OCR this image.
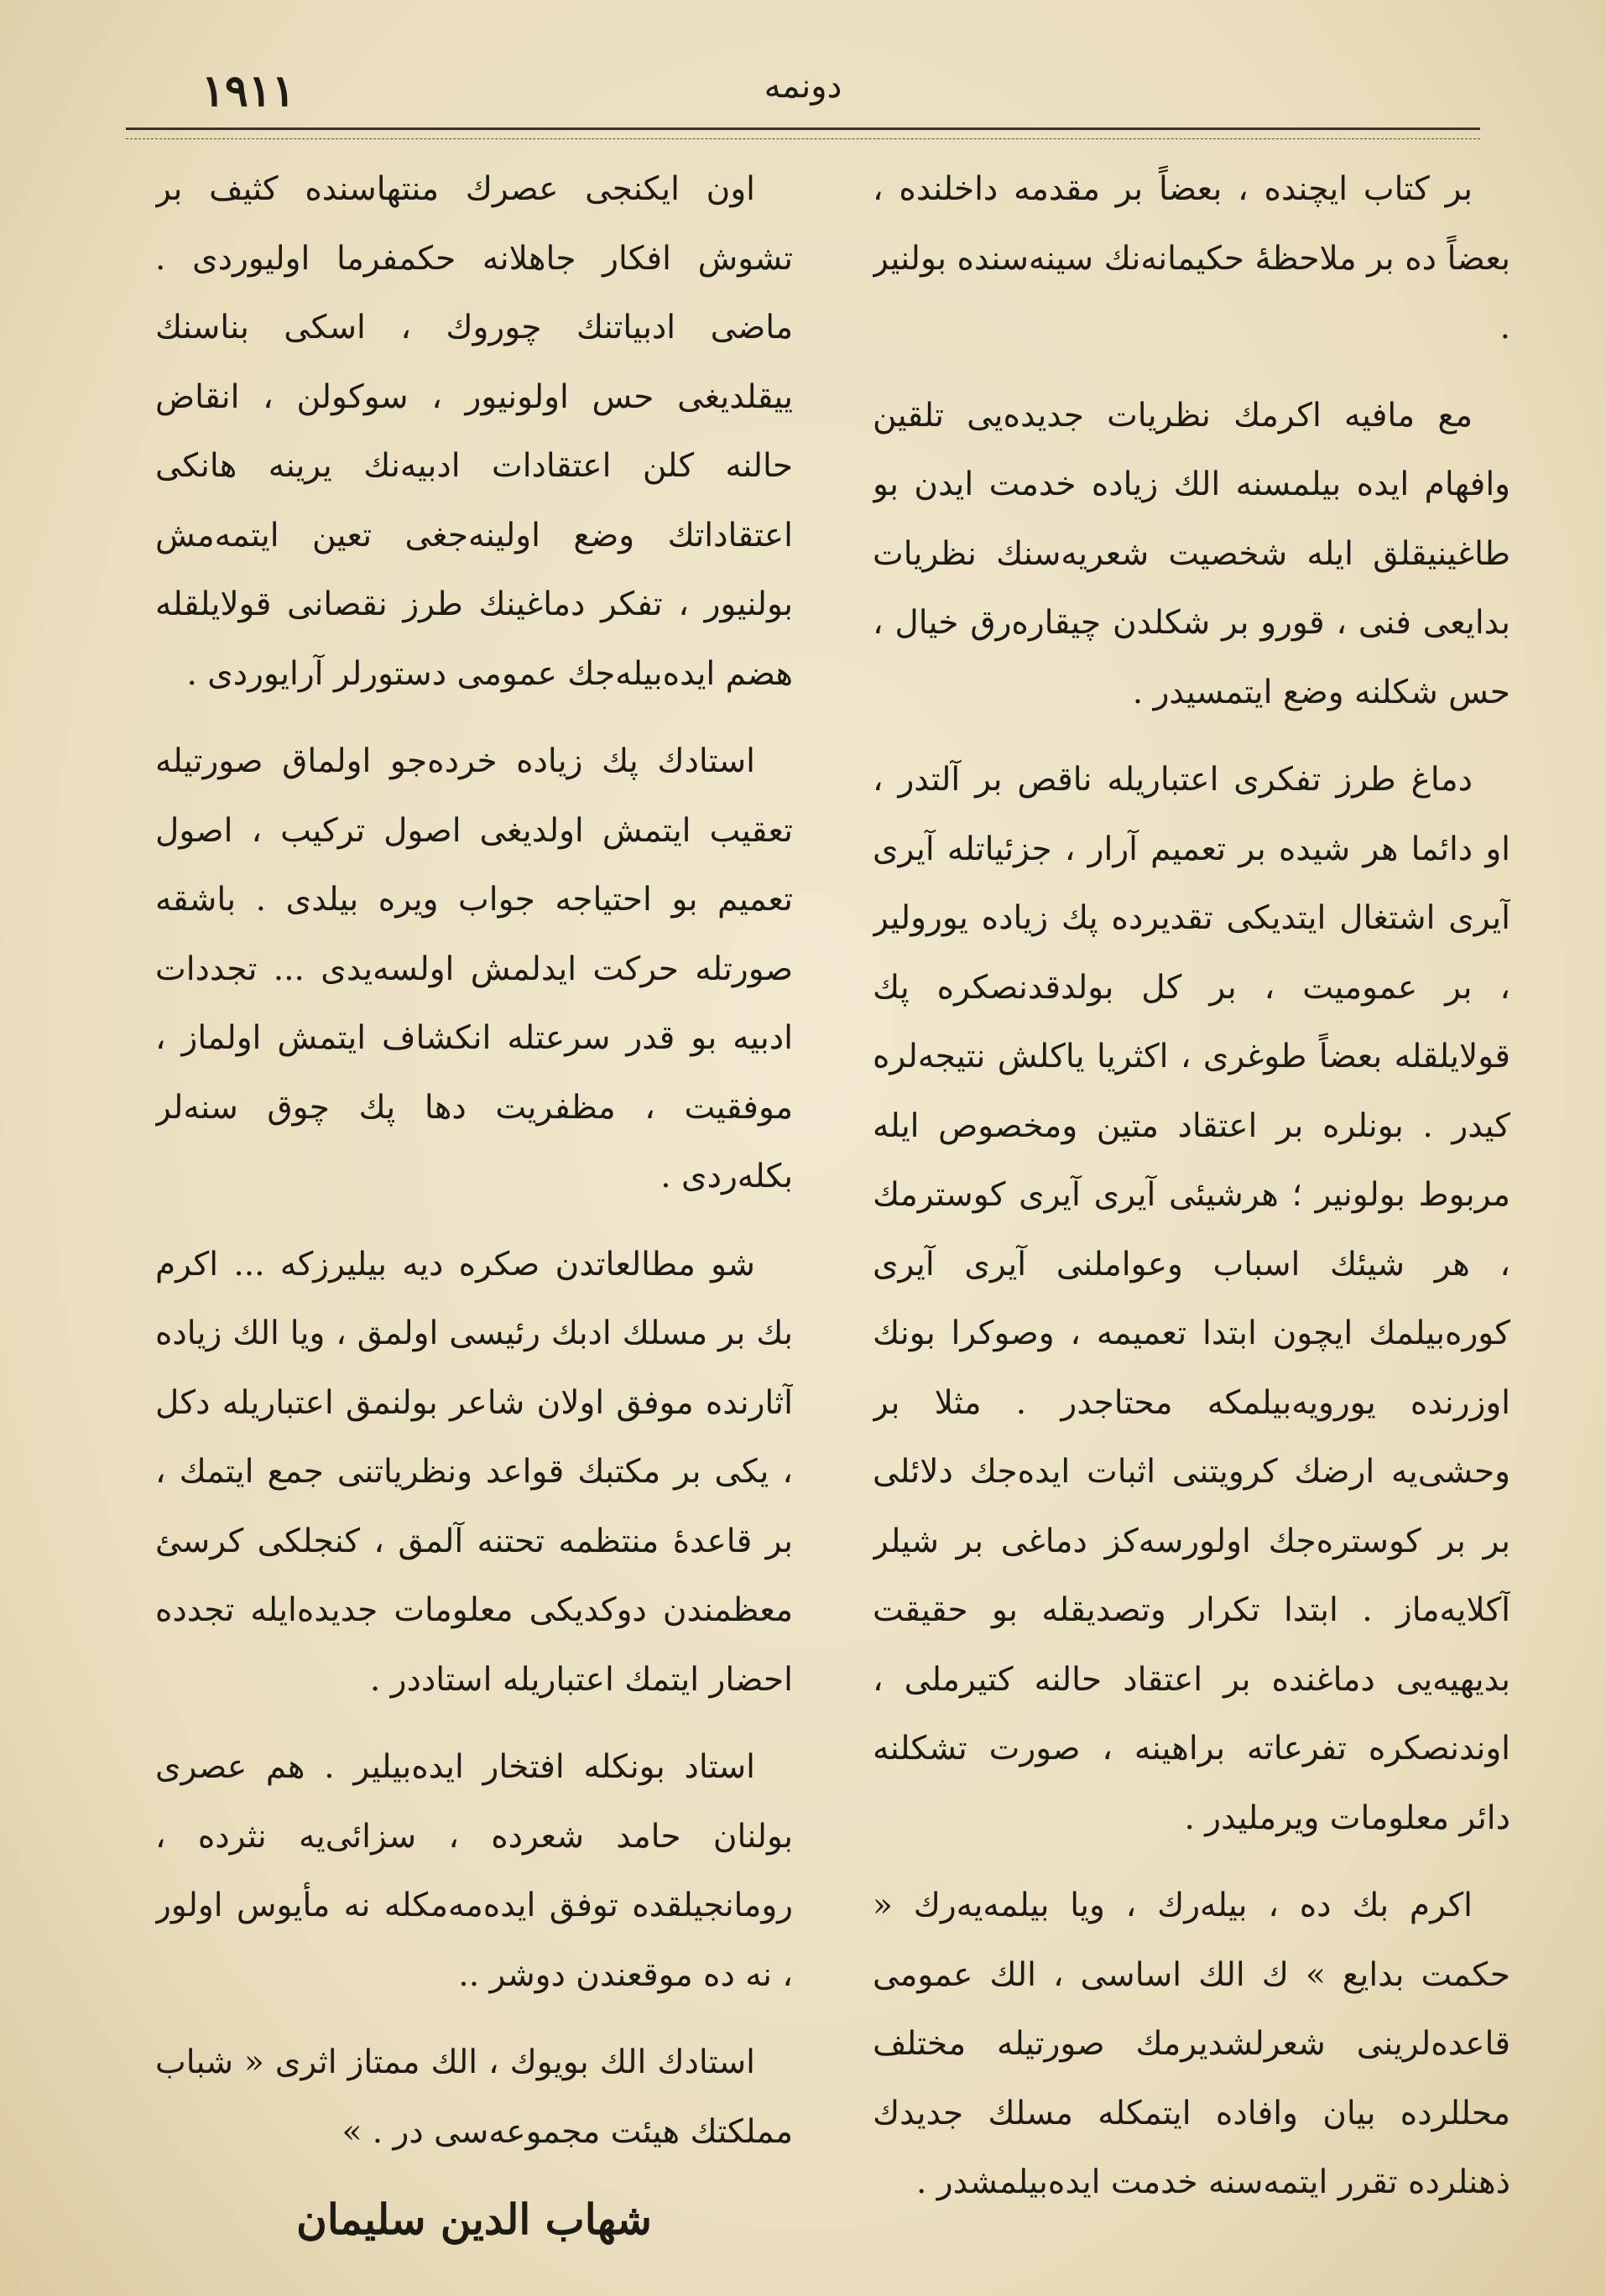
۱۹۱۱	دونمه

بر كتاب ايچنده ، بعضاً بر مقدمه داخلنده ، بعضاً ده بر ملاحظهٔ حكيمانه‌نك سينه‌سنده بولنير .

مع مافيه اكرمك نظريات جديده‌يى تلقين وافهام ايده بيلمسنه الك زياده خدمت ايدن بو طاغينيقلق ايله شخصيت شعريه‌سنك نظريات بدايعى فنى ، قورو بر شكلدن چيقاره‌رق خيال ، حس شكلنه وضع ايتمسيدر .

دماغ طرز تفكرى اعتباريله ناقص بر آلتدر ، او دائما هر شيده بر تعميم آرار ، جزئياتله آيرى آيرى اشتغال ايتديكى تقديرده پك زياده يورولير ، بر عموميت ، بر كل بولدقدنصكره پك قولايلقله بعضاً طوغرى ، اكثريا ياكلش نتيجه‌لره كيدر . بونلره بر اعتقاد متين ومخصوص ايله مربوط بولونير ؛ هرشيئى آيرى آيرى كوسترمك ، هر شيئك اسباب وعواملنى آيرى آيرى كوره‌بيلمك ايچون ابتدا تعميمه ، وصوكرا بونك اوزرنده يورويه‌بيلمكه محتاجدر . مثلا بر وحشى‌يه ارضك كرويتنى اثبات ايده‌جك دلائلى بر بر كوستره‌جك اولورسه‌كز دماغى بر شيلر آكلايه‌ماز . ابتدا تكرار وتصديقله بو حقيقت بديهيه‌يى دماغنده بر اعتقاد حالنه كتيرملى ، اوندنصكره تفرعاته براهينه ، صورت تشكلنه دائر معلومات ويرمليدر .

اكرم بك ده ، بيله‌رك ، ويا بيلمه‌يه‌رك « حكمت بدايع » ك الك اساسى ، الك عمومى قاعده‌لرينى شعرلشديرمك صورتيله مختلف محللرده بيان وافاده ايتمكله مسلك جديدك ذهنلرده تقرر ايتمه‌سنه خدمت ايده‌بيلمشدر .

اون ايكنجى عصرك منتهاسنده كثيف بر تشوش افكار جاهلانه حكمفرما اوليوردى . ماضى ادبياتنك چوروك ، اسكى بناسنك ييقلديغى حس اولونيور ، سوكولن ، انقاض حالنه كلن اعتقادات ادبيه‌نك يرينه هانكى اعتقاداتك وضع اولينه‌جغى تعين ايتمه‌مش بولنيور ، تفكر دماغينك طرز نقصانى قولايلقله هضم ايده‌بيله‌جك عمومى دستورلر آرايوردى .

استادك پك زياده خرده‌جو اولماق صورتيله تعقيب ايتمش اولديغى اصول تركيب ، اصول تعميم بو احتياجه جواب ويره بيلدى . باشقه صورتله حركت ايدلمش اولسه‌يدى ... تجددات ادبيه بو قدر سرعتله انكشاف ايتمش اولماز ، موفقيت ، مظفريت دها پك چوق سنه‌لر بكله‌ردى .

شو مطالعاتدن صكره ديه بيليرزكه ... اكرم بك بر مسلك ادبك رئيسى اولمق ، ويا الك زياده آثارنده موفق اولان شاعر بولنمق اعتباريله دكل ، يكى بر مكتبك قواعد ونظرياتنى جمع ايتمك ، بر قاعدهٔ منتظمه تحتنه آلمق ، كنجلكى كرسئ معظمندن دوكديكى معلومات جديده‌ايله تجدده احضار ايتمك اعتباريله استاددر .

استاد بونكله افتخار ايده‌بيلير . هم عصرى بولنان حامد شعرده ، سزائى‌يه نثرده ، رومانجيلقده توفق ايده‌مه‌مكله نه مأيوس اولور ، نه ده موقعندن دوشر ..

استادك الك بويوك ، الك ممتاز اثرى « شباب مملكتك هيئت مجموعه‌سى در . »

شهاب الدين سليمان
